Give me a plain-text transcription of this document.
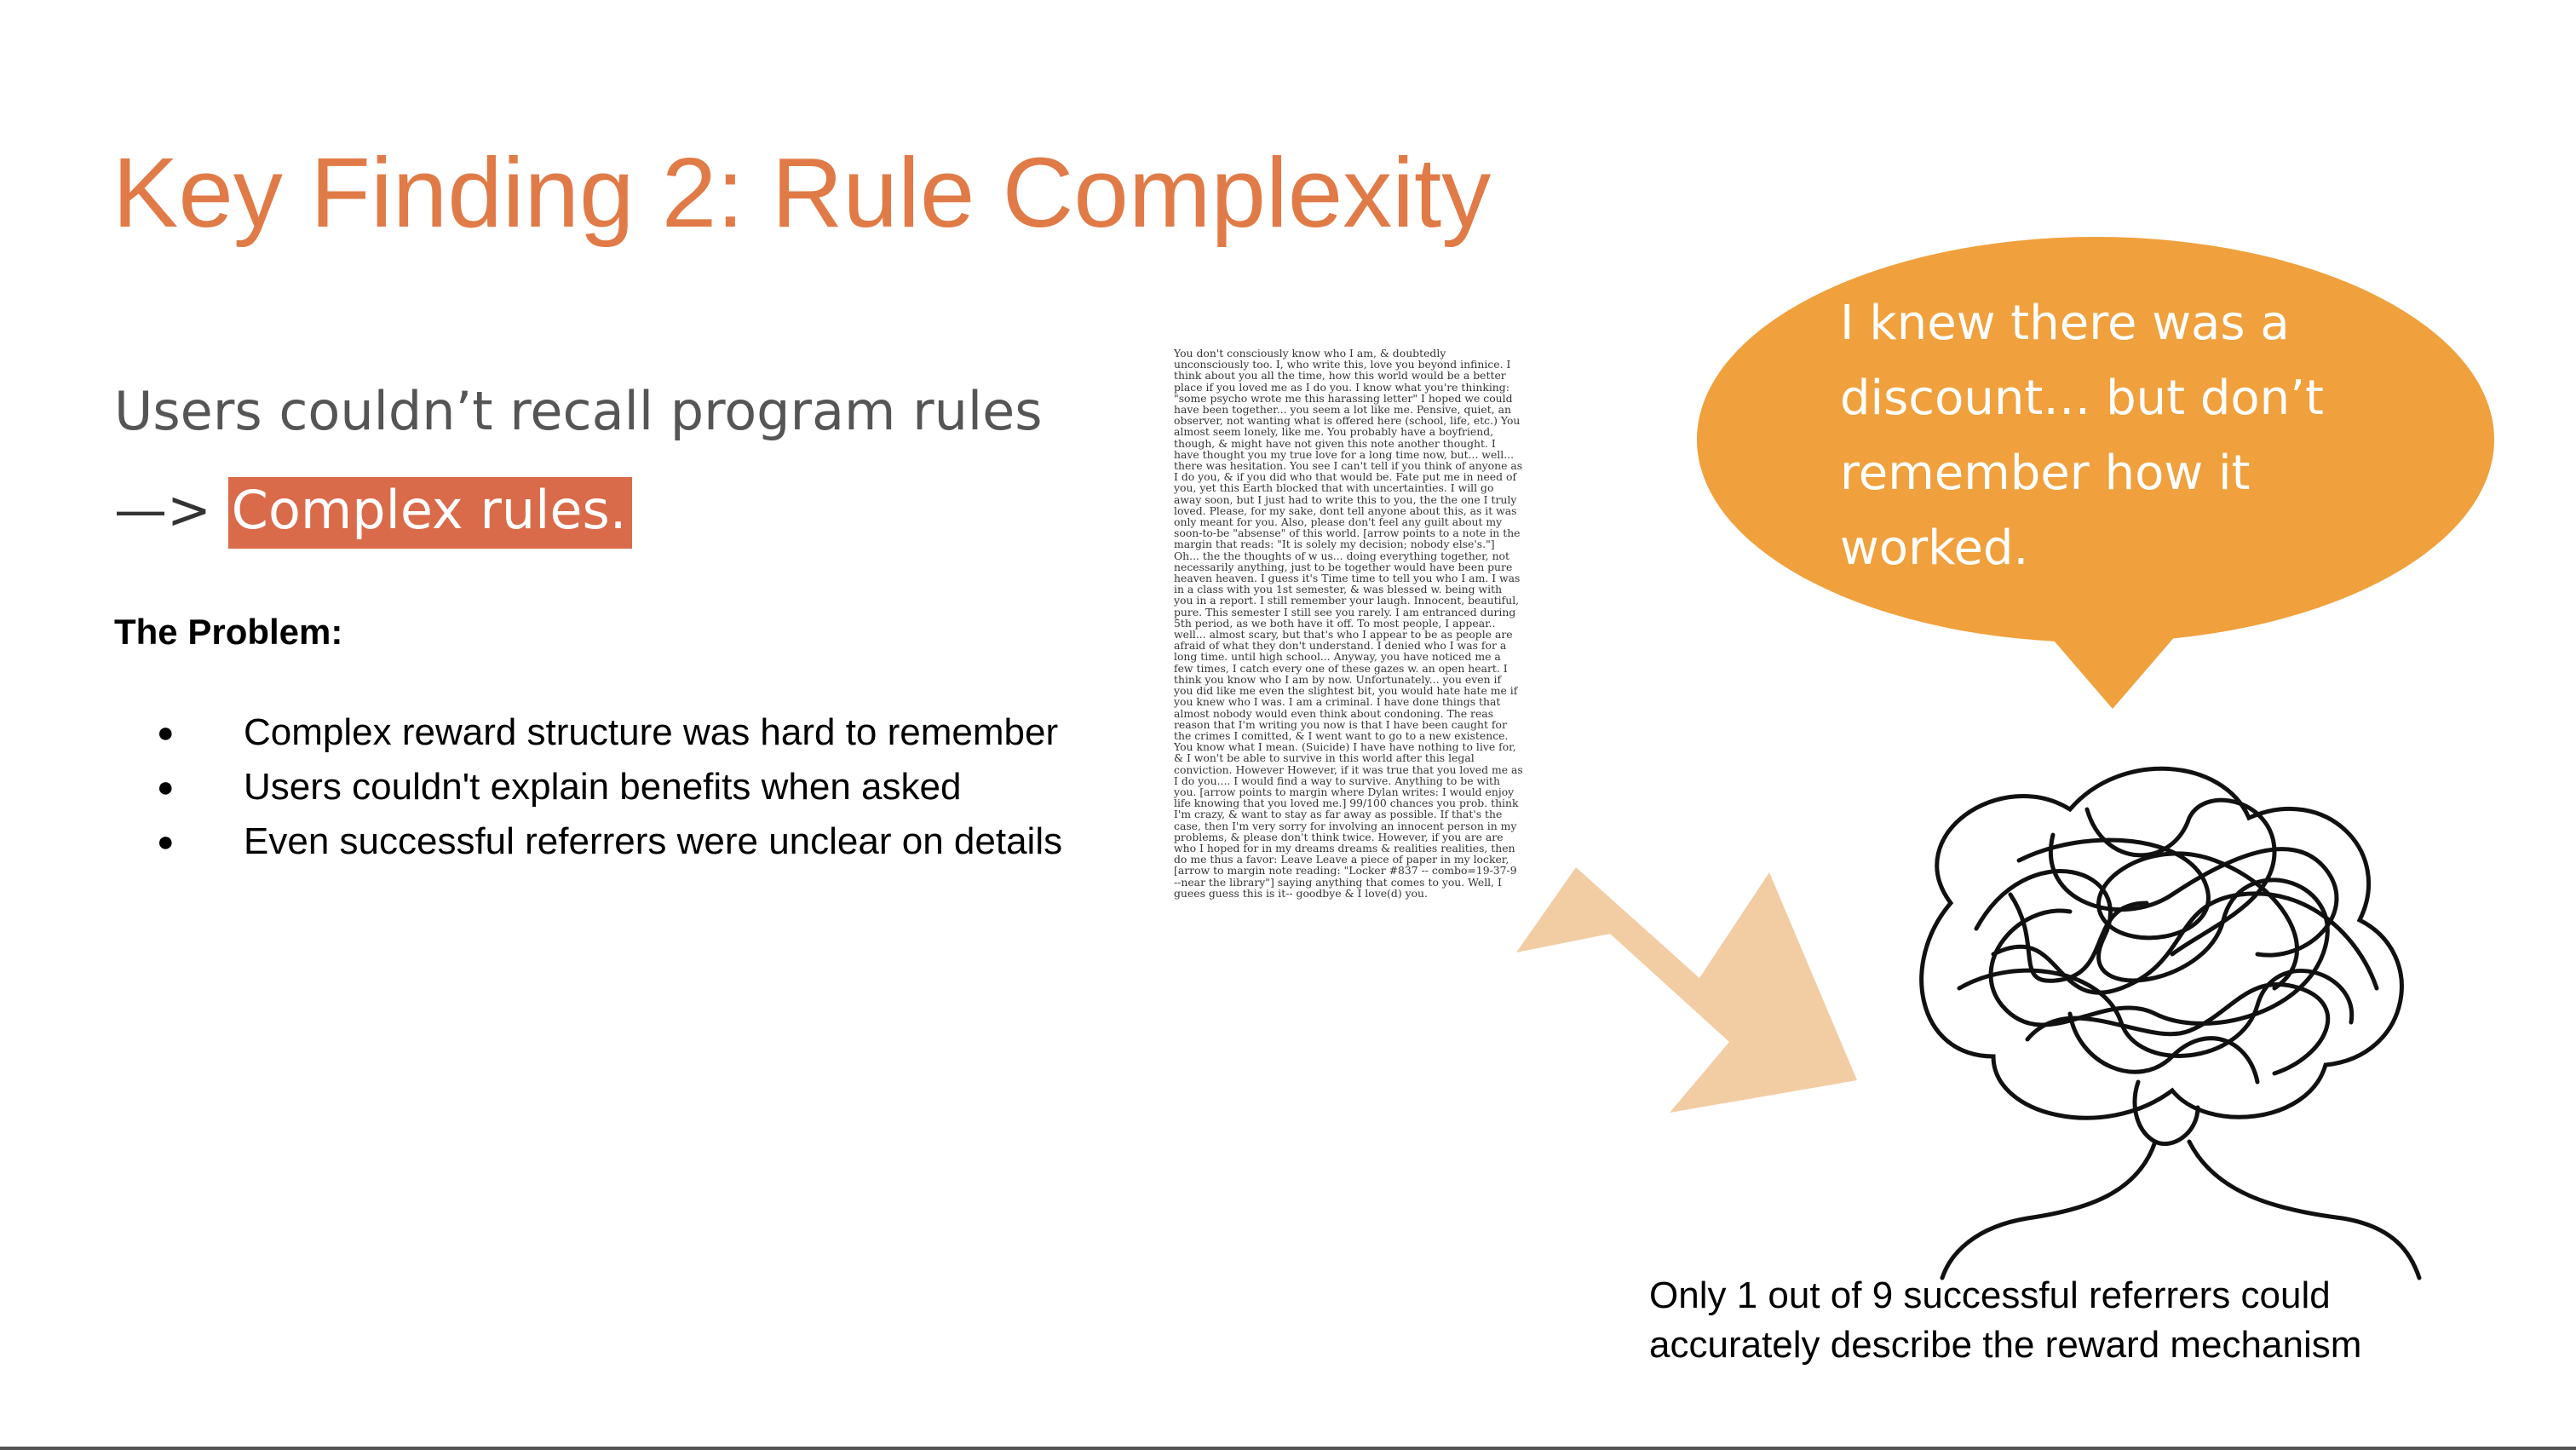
Key Finding 2: Rule Complexity
Users couldn’t recall program rules
—> Complex rules.
The Problem:
● Complex reward structure was hard to remember
● Users couldn't explain benefits when asked
● Even successful referrers were unclear on details
You don't consciously know who I am, & doubtedly unconsciously too. I, who write this, love you beyond infinice. I think about you all the time, how this world would be a better place if you loved me as I do you. I know what you're thinking: "some psycho wrote me this harassing letter" I hoped we could have been together... you seem a lot like me. Pensive, quiet, an observer, not wanting what is offered here (school, life, etc.) You almost seem lonely, like me. You probably have a boyfriend, though, & might have not given this note another thought. I have thought you my true love for a long time now, but... well... there was hesitation. You see I can't tell if you think of anyone as I do you, & if you did who that would be. Fate put me in need of you, yet this Earth blocked that with uncertainties. I will go away soon, but I just had to write this to you, the the one I truly loved. Please, for my sake, dont tell anyone about this, as it was only meant for you. Also, please don't feel any guilt about my soon-to-be "absense" of this world. [arrow points to a note in the margin that reads: "It is solely my decision; nobody else's."] Oh... the the thoughts of w us... doing everything together, not necessarily anything, just to be together would have been pure heaven heaven. I guess it's Time time to tell you who I am. I was in a class with you 1st semester, & was blessed w. being with you in a report. I still remember your laugh. Innocent, beautiful, pure. This semester I still see you rarely. I am entranced during 5th period, as we both have it off. To most people, I appear.. well... almost scary, but that's who I appear to be as people are afraid of what they don't understand. I denied who I was for a long time. until high school... Anyway, you have noticed me a few times, I catch every one of these gazes w. an open heart. I think you know who I am by now. Unfortunately... you even if you did like me even the slightest bit, you would hate hate me if you knew who I was. I am a criminal. I have done things that almost nobody would even think about condoning. The reas reason that I'm writing you now is that I have been caught for the crimes I comitted, & I went want to go to a new existence. You know what I mean. (Suicide) I have have nothing to live for, & I won't be able to survive in this world after this legal conviction. However However, if it was true that you loved me as I do you.... I would find a way to survive. Anything to be with you. [arrow points to margin where Dylan writes: I would enjoy life knowing that you loved me.] 99/100 chances you prob. think I'm crazy, & want to stay as far away as possible. If that's the case, then I'm very sorry for involving an innocent person in my problems, & please don't think twice. However, if you are are who I hoped for in my dreams dreams & realities realities, then do me thus a favor: Leave Leave a piece of paper in my locker, [arrow to margin note reading: "Locker #837 -- combo=19-37-9 --near the library"] saying anything that comes to you. Well, I guees guess this is it-- goodbye & I love(d) you.
I knew there was a discount… but don’t remember how it worked.
Only 1 out of 9 successful referrers could accurately describe the reward mechanism
